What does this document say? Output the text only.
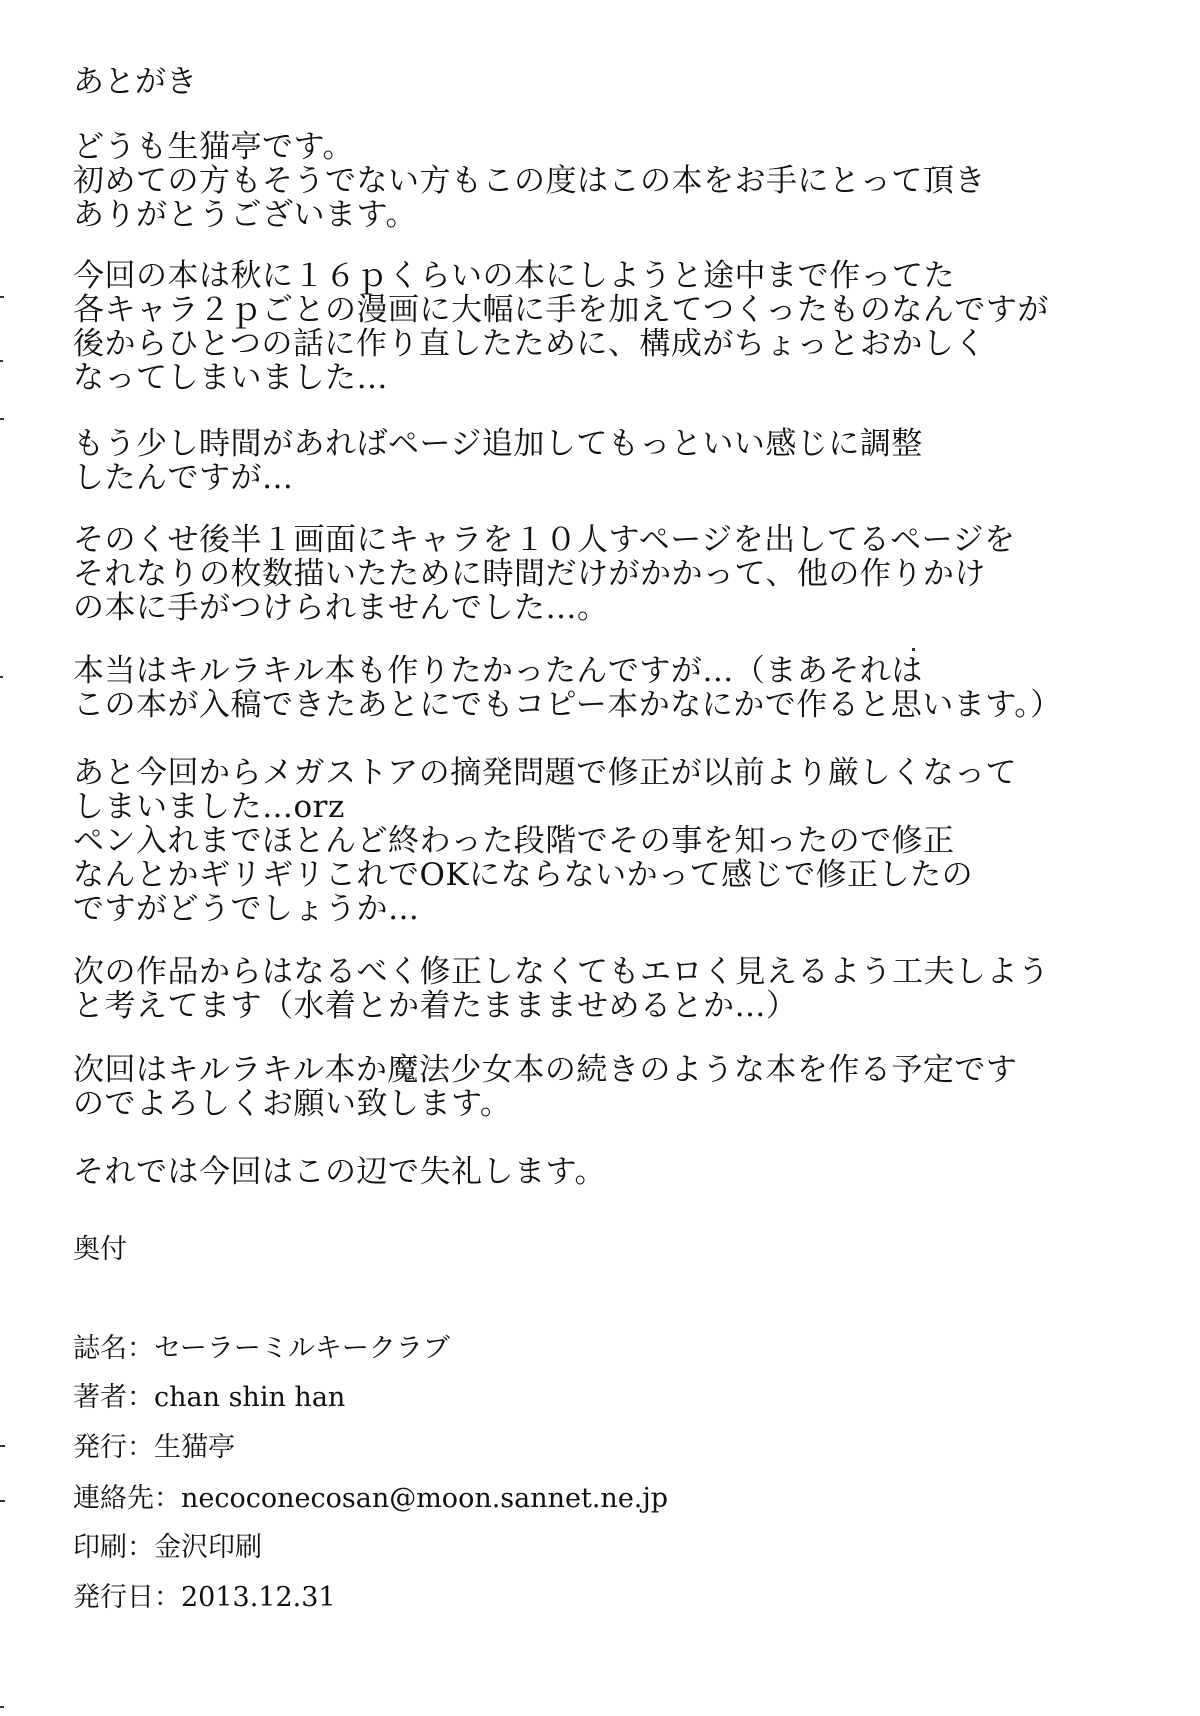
あとがき
どうも生猫亭です。
初めての方もそうでない方もこの度はこの本をお手にとって頂き
ありがとうございます。
今回の本は秋に１６ｐくらいの本にしようと途中まで作ってた
各キャラ２ｐごとの漫画に大幅に手を加えてつくったものなんですが
後からひとつの話に作り直したために、構成がちょっとおかしく
なってしまいました…
もう少し時間があればページ追加してもっといい感じに調整
したんですが…
そのくせ後半１画面にキャラを１０人すページを出してるページを
それなりの枚数描いたために時間だけがかかって、他の作りかけ
の本に手がつけられませんでした…。
本当はキルラキル本も作りたかったんですが…（まあそれは
この本が入稿できたあとにでもコピー本かなにかで作ると思います。）
あと今回からメガストアの摘発問題で修正が以前より厳しくなって
しまいました…orz
ペン入れまでほとんど終わった段階でその事を知ったので修正
なんとかギリギリこれでOKにならないかって感じで修正したの
ですがどうでしょうか…
次の作品からはなるべく修正しなくてもエロく見えるよう工夫しよう
と考えてます（水着とか着たままませめるとか…）
次回はキルラキル本か魔法少女本の続きのような本を作る予定です
のでよろしくお願い致します。
それでは今回はこの辺で失礼します。
奥付
誌名：セーラーミルキークラブ
著者：chan shin han
発行：生猫亭
連絡先：necoconecosan@moon.sannet.ne.jp
印刷：金沢印刷
発行日：2013.12.31
